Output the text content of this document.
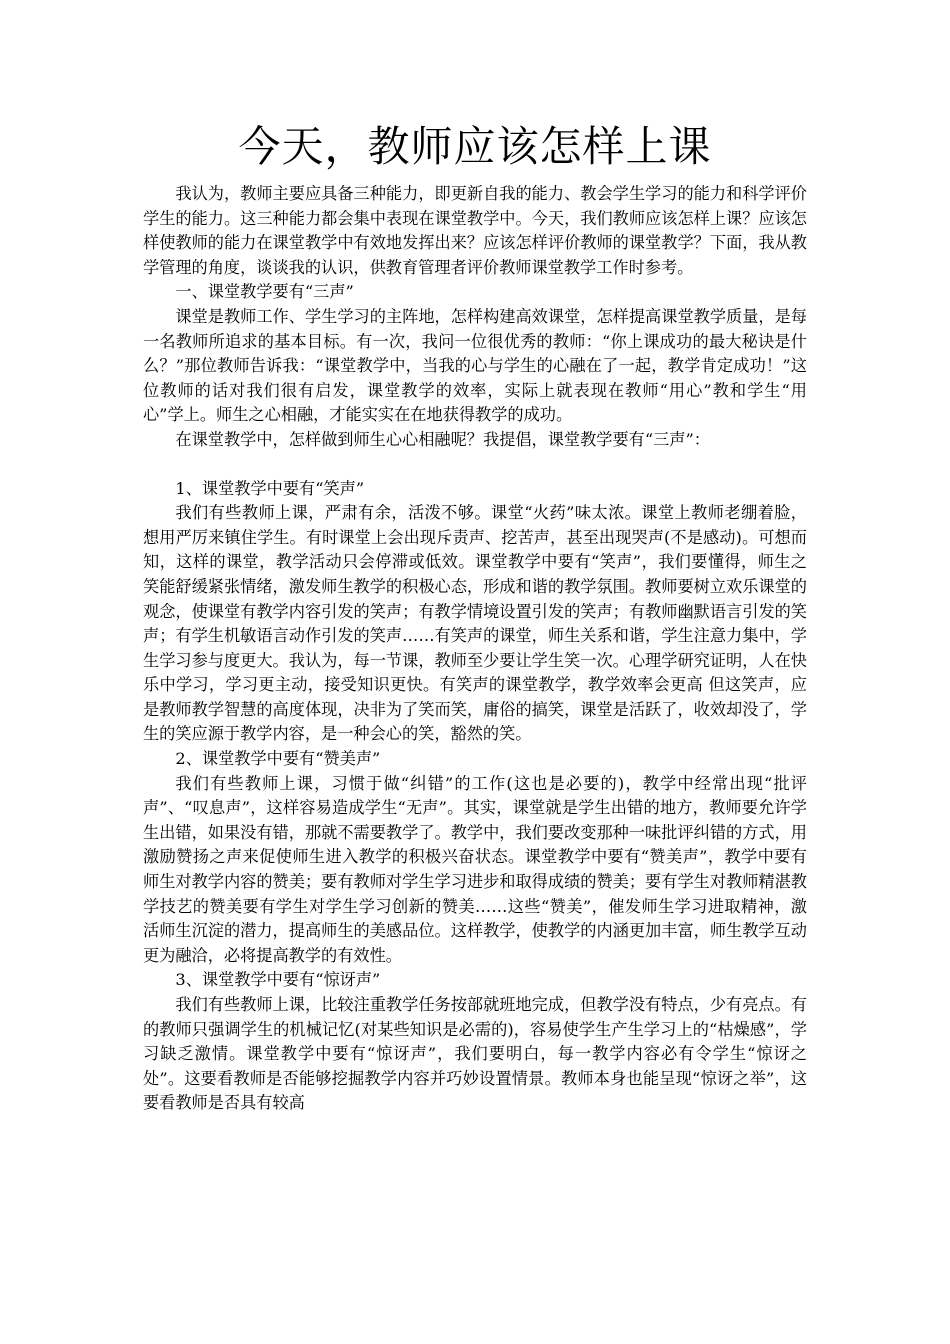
今天，教师应该怎样上课

我认为，教师主要应具备三种能力，即更新自我的能力、教会学生学习的能力和科学评价学生的能力。这三种能力都会集中表现在课堂教学中。今天，我们教师应该怎样上课？应该怎样使教师的能力在课堂教学中有效地发挥出来？应该怎样评价教师的课堂教学？下面，我从教学管理的角度，谈谈我的认识，供教育管理者评价教师课堂教学工作时参考。

一、课堂教学要有“三声”

课堂是教师工作、学生学习的主阵地，怎样构建高效课堂，怎样提高课堂教学质量，是每一名教师所追求的基本目标。有一次，我问一位很优秀的教师：“你上课成功的最大秘诀是什么？”那位教师告诉我：“课堂教学中，当我的心与学生的心融在了一起，教学肯定成功！”这位教师的话对我们很有启发，课堂教学的效率，实际上就表现在教师“用心”教和学生“用心”学上。师生之心相融，才能实实在在地获得教学的成功。

在课堂教学中，怎样做到师生心心相融呢？我提倡，课堂教学要有“三声”：

1、课堂教学中要有“笑声”

我们有些教师上课，严肃有余，活泼不够。课堂“火药”味太浓。课堂上教师老绷着脸，想用严厉来镇住学生。有时课堂上会出现斥责声、挖苦声，甚至出现哭声(不是感动)。可想而知，这样的课堂，教学活动只会停滞或低效。课堂教学中要有“笑声”，我们要懂得，师生之笑能舒缓紧张情绪，激发师生教学的积极心态，形成和谐的教学氛围。教师要树立欢乐课堂的观念，使课堂有教学内容引发的笑声；有教学情境设置引发的笑声；有教师幽默语言引发的笑声；有学生机敏语言动作引发的笑声……有笑声的课堂，师生关系和谐，学生注意力集中，学生学习参与度更大。我认为，每一节课，教师至少要让学生笑一次。心理学研究证明，人在快乐中学习，学习更主动，接受知识更快。有笑声的课堂教学，教学效率会更高 但这笑声，应是教师教学智慧的高度体现，决非为了笑而笑，庸俗的搞笑，课堂是活跃了，收效却没了，学生的笑应源于教学内容，是一种会心的笑，豁然的笑。

2、课堂教学中要有“赞美声”

我们有些教师上课，习惯于做“纠错”的工作(这也是必要的)，教学中经常出现“批评声”、“叹息声”，这样容易造成学生“无声”。其实，课堂就是学生出错的地方，教师要允许学生出错，如果没有错，那就不需要教学了。教学中，我们要改变那种一味批评纠错的方式，用激励赞扬之声来促使师生进入教学的积极兴奋状态。课堂教学中要有“赞美声”，教学中要有师生对教学内容的赞美；要有教师对学生学习进步和取得成绩的赞美；要有学生对教师精湛教学技艺的赞美要有学生对学生学习创新的赞美……这些“赞美”，催发师生学习进取精神，激活师生沉淀的潜力，提高师生的美感品位。这样教学，使教学的内涵更加丰富，师生教学互动更为融洽，必将提高教学的有效性。

3、课堂教学中要有“惊讶声”

我们有些教师上课，比较注重教学任务按部就班地完成，但教学没有特点，少有亮点。有的教师只强调学生的机械记忆(对某些知识是必需的)，容易使学生产生学习上的“枯燥感”，学习缺乏激情。课堂教学中要有“惊讶声”，我们要明白，每一教学内容必有令学生“惊讶之处”。这要看教师是否能够挖掘教学内容并巧妙设置情景。教师本身也能呈现“惊讶之举”，这要看教师是否具有较高
